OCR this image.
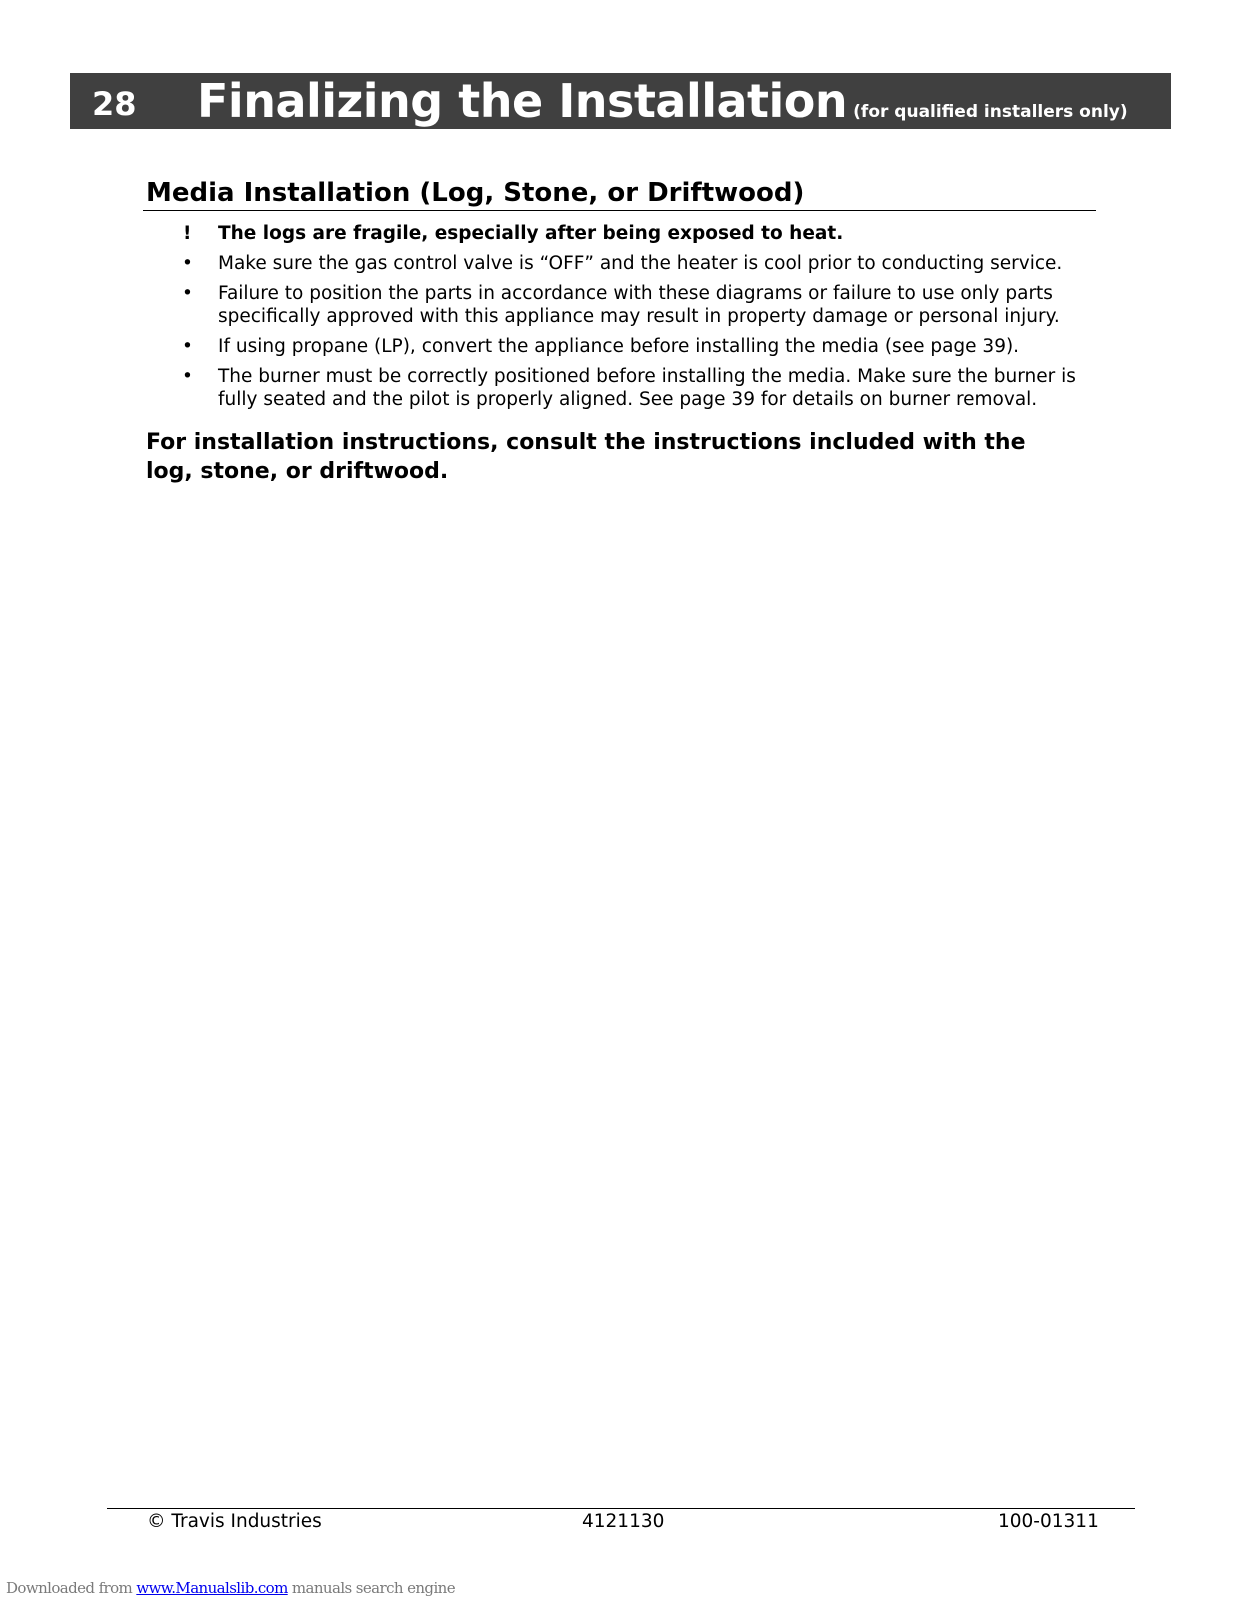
28 Finalizing the Installation (for qualified installers only)
Media Installation (Log, Stone, or Driftwood)
!	The logs are fragile, especially after being exposed to heat.
•	Make sure the gas control valve is “OFF” and the heater is cool prior to conducting service.
•	Failure to position the parts in accordance with these diagrams or failure to use only parts specifically approved with this appliance may result in property damage or personal injury.
•	If using propane (LP), convert the appliance before installing the media (see page 39).
•	The burner must be correctly positioned before installing the media. Make sure the burner is fully seated and the pilot is properly aligned. See page 39 for details on burner removal.
For installation instructions, consult the instructions included with the log, stone, or driftwood.
© Travis Industries	4121130	100-01311
Downloaded from www.Manualslib.com manuals search engine
